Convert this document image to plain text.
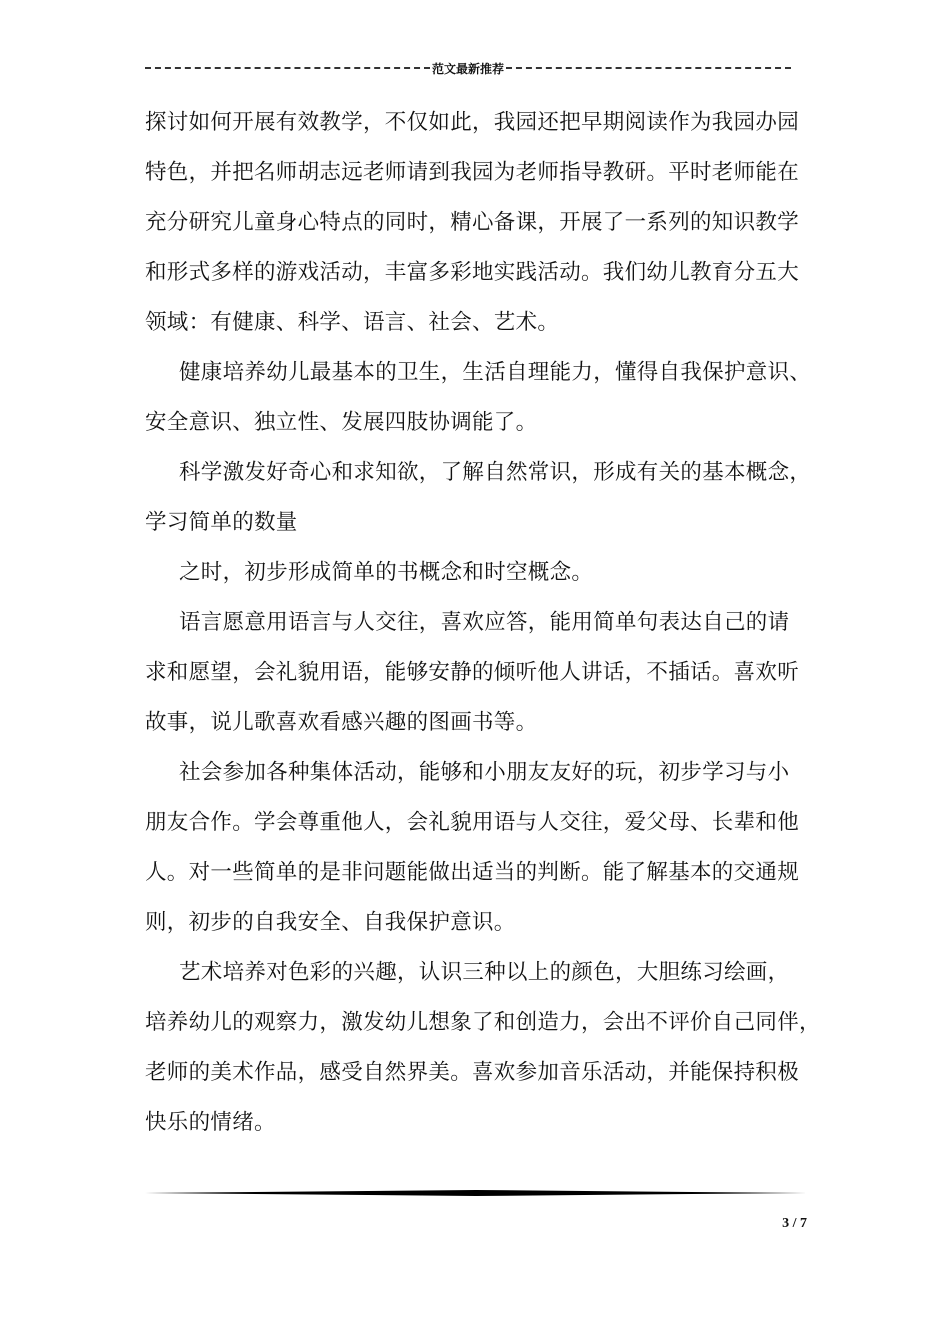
范文最新推荐
探讨如何开展有效教学，不仅如此，我园还把早期阅读作为我园办园
特色，并把名师胡志远老师请到我园为老师指导教研。平时老师能在
充分研究儿童身心特点的同时，精心备课，开展了一系列的知识教学
和形式多样的游戏活动，丰富多彩地实践活动。我们幼儿教育分五大
领域：有健康、科学、语言、社会、艺术。
健康培养幼儿最基本的卫生，生活自理能力，懂得自我保护意识、
安全意识、独立性、发展四肢协调能了。
科学激发好奇心和求知欲，了解自然常识，形成有关的基本概念，
学习简单的数量
之时，初步形成简单的书概念和时空概念。
语言愿意用语言与人交往，喜欢应答，能用简单句表达自己的请
求和愿望，会礼貌用语，能够安静的倾听他人讲话，不插话。喜欢听
故事，说儿歌喜欢看感兴趣的图画书等。
社会参加各种集体活动，能够和小朋友友好的玩，初步学习与小
朋友合作。学会尊重他人，会礼貌用语与人交往，爱父母、长辈和他
人。对一些简单的是非问题能做出适当的判断。能了解基本的交通规
则，初步的自我安全、自我保护意识。
艺术培养对色彩的兴趣，认识三种以上的颜色，大胆练习绘画，
培养幼儿的观察力，激发幼儿想象了和创造力，会出不评价自己同伴，
老师的美术作品，感受自然界美。喜欢参加音乐活动，并能保持积极
快乐的情绪。
3 / 7
